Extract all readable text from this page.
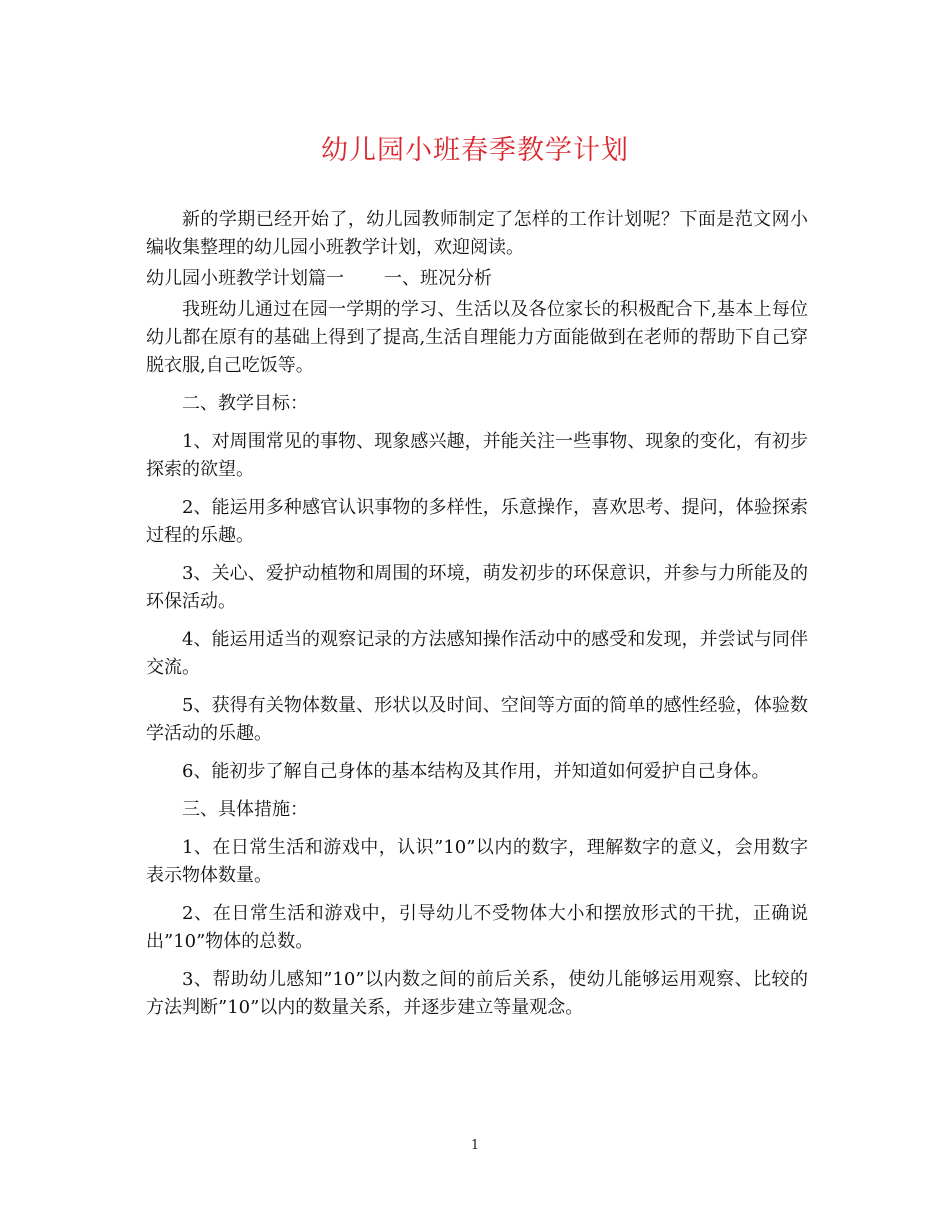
幼儿园小班春季教学计划

新的学期已经开始了，幼儿园教师制定了怎样的工作计划呢？下面是范文网小编收集整理的幼儿园小班教学计划，欢迎阅读。

幼儿园小班教学计划篇一 一、班况分析

我班幼儿通过在园一学期的学习、生活以及各位家长的积极配合下,基本上每位幼儿都在原有的基础上得到了提高,生活自理能力方面能做到在老师的帮助下自己穿脱衣服,自己吃饭等。

二、教学目标：

1、对周围常见的事物、现象感兴趣，并能关注一些事物、现象的变化，有初步探索的欲望。

2、能运用多种感官认识事物的多样性，乐意操作，喜欢思考、提问，体验探索过程的乐趣。

3、关心、爱护动植物和周围的环境，萌发初步的环保意识，并参与力所能及的环保活动。

4、能运用适当的观察记录的方法感知操作活动中的感受和发现，并尝试与同伴交流。

5、获得有关物体数量、形状以及时间、空间等方面的简单的感性经验，体验数学活动的乐趣。

6、能初步了解自己身体的基本结构及其作用，并知道如何爱护自己身体。

三、具体措施：

1、在日常生活和游戏中，认识”10”以内的数字，理解数字的意义，会用数字表示物体数量。

2、在日常生活和游戏中，引导幼儿不受物体大小和摆放形式的干扰，正确说出”10”物体的总数。

3、帮助幼儿感知”10”以内数之间的前后关系，使幼儿能够运用观察、比较的方法判断”10”以内的数量关系，并逐步建立等量观念。

1
